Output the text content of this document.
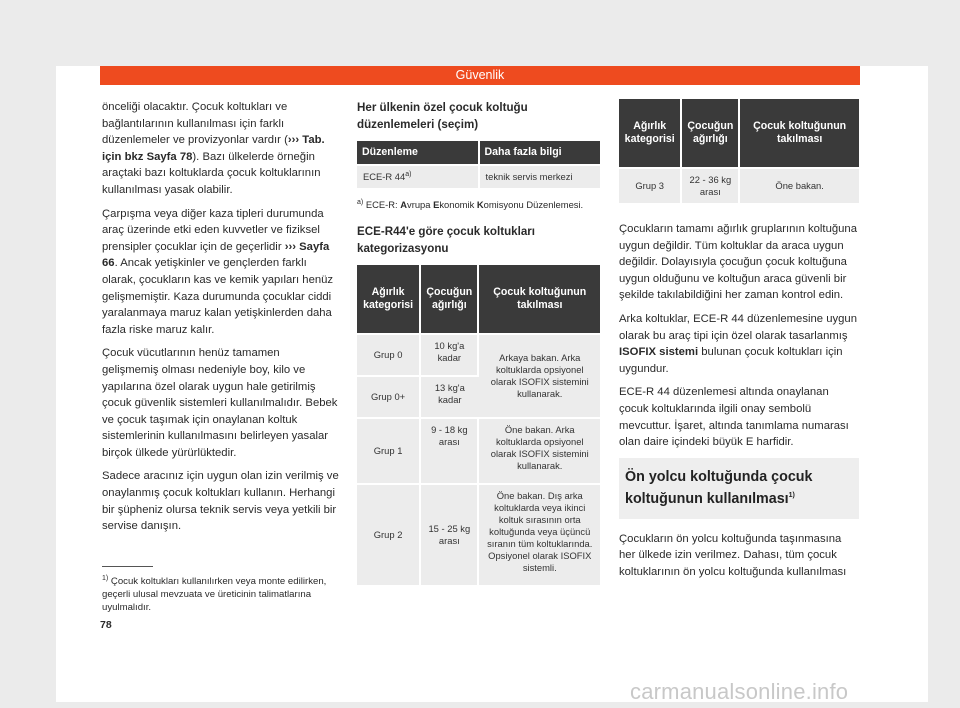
Güvenlik

önceliği olacaktır. Çocuk koltukları ve bağlantılarının kullanılması için farklı düzenlemeler ve provizyonlar vardır (››› Tab. için bkz Sayfa 78). Bazı ülkelerde örneğin araçtaki bazı koltuklarda çocuk koltuklarının kullanılması yasak olabilir.

Çarpışma veya diğer kaza tipleri durumunda araç üzerinde etki eden kuvvetler ve fiziksel prensipler çocuklar için de geçerlidir ››› Sayfa 66. Ancak yetişkinler ve gençlerden farklı olarak, çocukların kas ve kemik yapıları henüz gelişmemiştir. Kaza durumunda çocuklar ciddi yaralanmaya maruz kalan yetişkinlerden daha fazla riske maruz kalır.

Çocuk vücutlarının henüz tamamen gelişmemiş olması nedeniyle boy, kilo ve yapılarına özel olarak uygun hale getirilmiş çocuk güvenlik sistemleri kullanılmalıdır. Bebek ve çocuk taşımak için onaylanan koltuk sistemlerinin kullanılmasını belirleyen yasalar birçok ülkede yürürlüktedir.

Sadece aracınız için uygun olan izin verilmiş ve onaylanmış çocuk koltukları kullanın. Herhangi bir şüpheniz olursa teknik servis veya yetkili bir servise danışın.

$^{1)}$ Çocuk koltukları kullanılırken veya monte edilirken, geçerli ulusal mevzuata ve üreticinin talimatlarına uyulmalıdır.
78
Her ülkenin özel çocuk koltuğu düzenlemeleri (seçim)
Düzenleme	Daha fazla bilgi
ECE-R 44$^{a)}$	teknik servis merkezi
$^{a)}$ ECE-R: Avrupa Ekonomik Komisyonu Düzenlemesi.
ECE-R44'e göre çocuk koltukları kategorizasyonu
Ağırlık kategorisi	Çocuğun ağırlığı	Çocuk koltuğunun takılması
Grup 0	10 kg'a kadar	Arkaya bakan. Arka koltuklarda opsiyonel olarak ISOFIX sistemini kullanarak.
Grup 0+	13 kg'a kadar	
Grup 1	9 - 18 kg arası	Öne bakan. Arka koltuklarda opsiyonel olarak ISOFIX sistemini kullanarak.
Grup 2	15 - 25 kg arası	Öne bakan. Dış arka koltuklarda veya ikinci koltuk sırasının orta koltuğunda veya üçüncü sıranın tüm koltuklarında. Opsiyonel olarak ISOFIX sistemli.
Ağırlık kategorisi	Çocuğun ağırlığı	Çocuk koltuğunun takılması
Grup 3	22 - 36 kg arası	Öne bakan.

Çocukların tamamı ağırlık gruplarının koltuğuna uygun değildir. Tüm koltuklar da araca uygun değildir. Dolayısıyla çocuğun çocuk koltuğuna uygun olduğunu ve koltuğun araca güvenli bir şekilde takılabildiğini her zaman kontrol edin.

Arka koltuklar, ECE-R 44 düzenlemesine uygun olarak bu araç tipi için özel olarak tasarlanmış ISOFIX sistemi bulunan çocuk koltukları için uygundur.

ECE-R 44 düzenlemesi altında onaylanan çocuk koltuklarında ilgili onay sembolü mevcuttur. İşaret, altında tanımlama numarası olan daire içindeki büyük E harfidir.

Ön yolcu koltuğunda çocuk koltuğunun kullanılması$^{1)}$

Çocukların ön yolcu koltuğunda taşınmasına her ülkede izin verilmez. Dahası, tüm çocuk koltuklarının ön yolcu koltuğunda kullanılması

carmanualsonline.info
